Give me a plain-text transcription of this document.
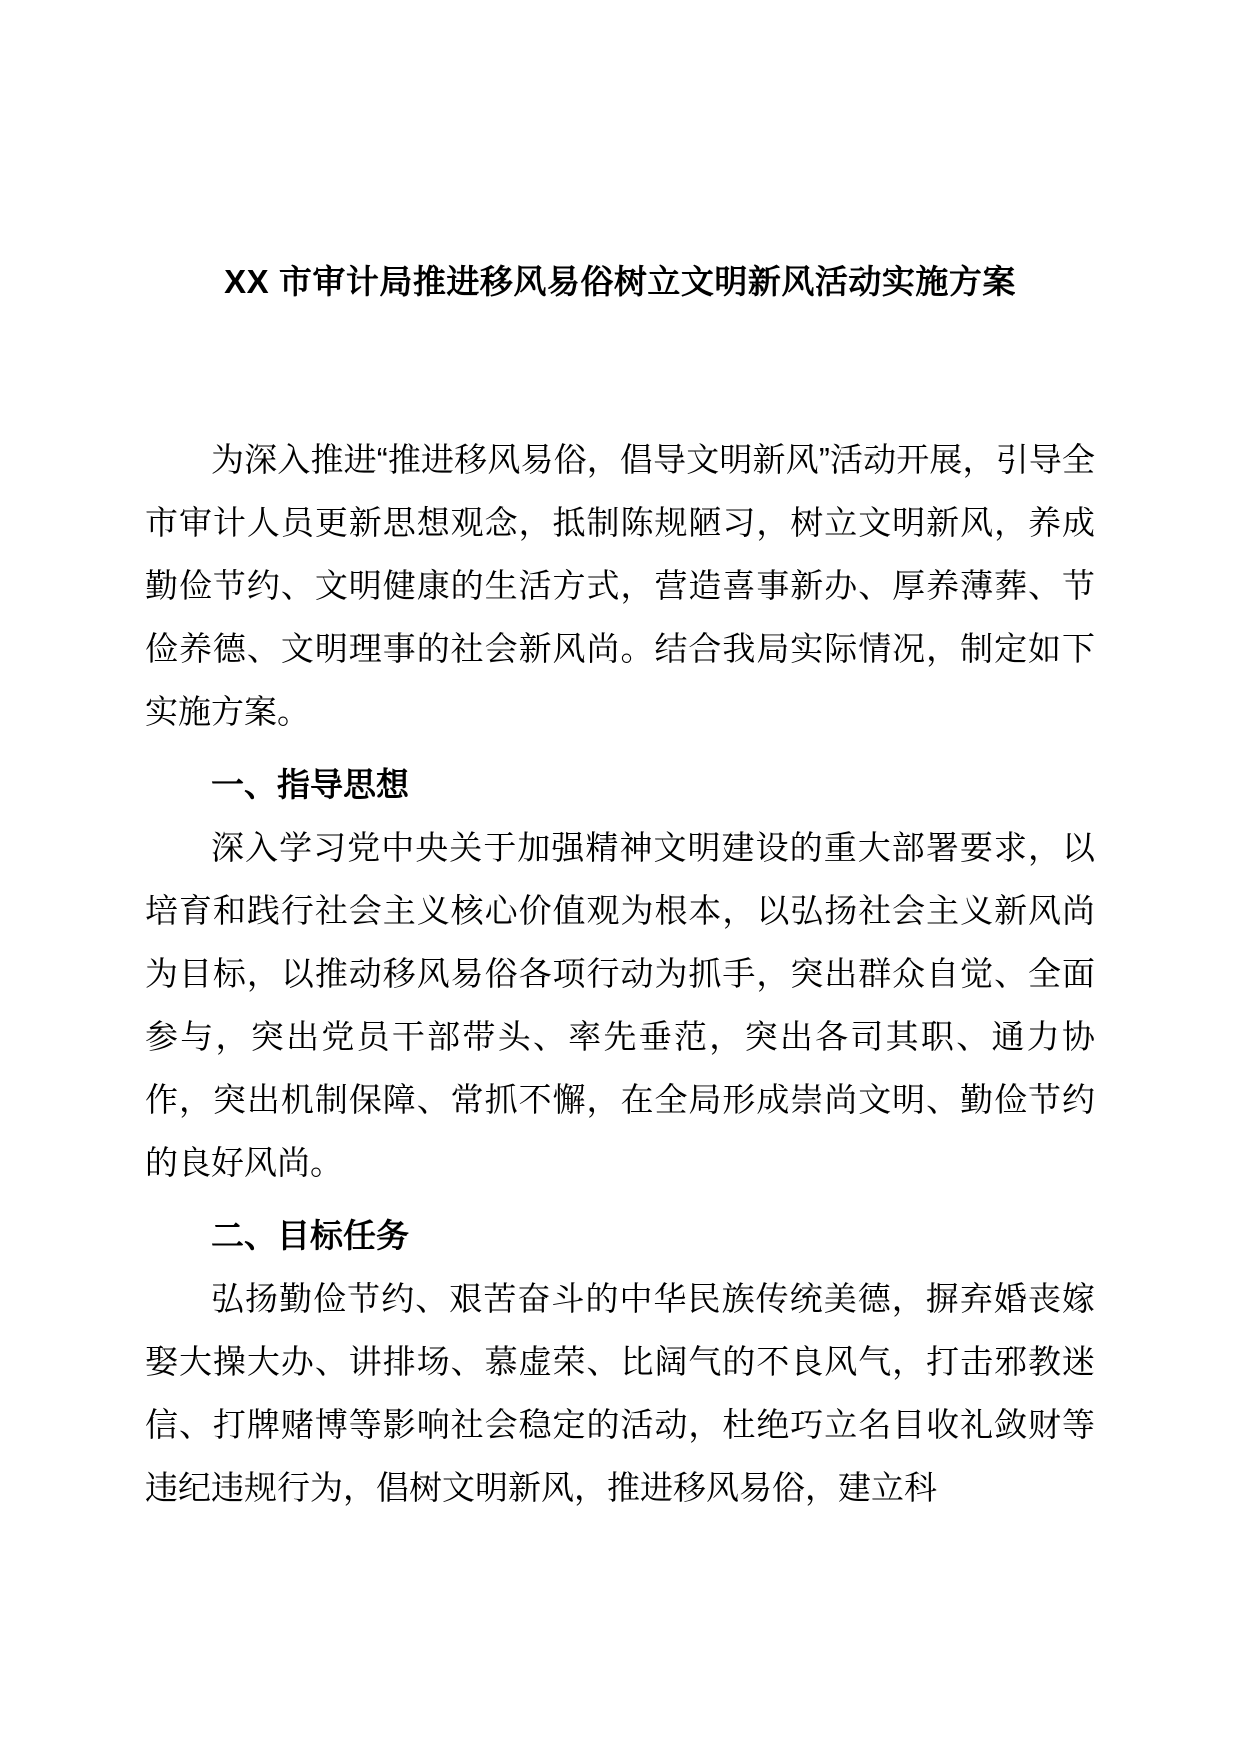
XX 市审计局推进移风易俗树立文明新风活动实施方案

为深入推进“推进移风易俗，倡导文明新风”活动开展，引导全市审计人员更新思想观念，抵制陈规陋习，树立文明新风，养成勤俭节约、文明健康的生活方式，营造喜事新办、厚养薄葬、节俭养德、文明理事的社会新风尚。结合我局实际情况，制定如下实施方案。

一、指导思想

深入学习党中央关于加强精神文明建设的重大部署要求，以培育和践行社会主义核心价值观为根本，以弘扬社会主义新风尚为目标，以推动移风易俗各项行动为抓手，突出群众自觉、全面参与，突出党员干部带头、率先垂范，突出各司其职、通力协作，突出机制保障、常抓不懈，在全局形成崇尚文明、勤俭节约的良好风尚。

二、目标任务

弘扬勤俭节约、艰苦奋斗的中华民族传统美德，摒弃婚丧嫁娶大操大办、讲排场、慕虚荣、比阔气的不良风气，打击邪教迷信、打牌赌博等影响社会稳定的活动，杜绝巧立名目收礼敛财等违纪违规行为，倡树文明新风，推进移风易俗，建立科
